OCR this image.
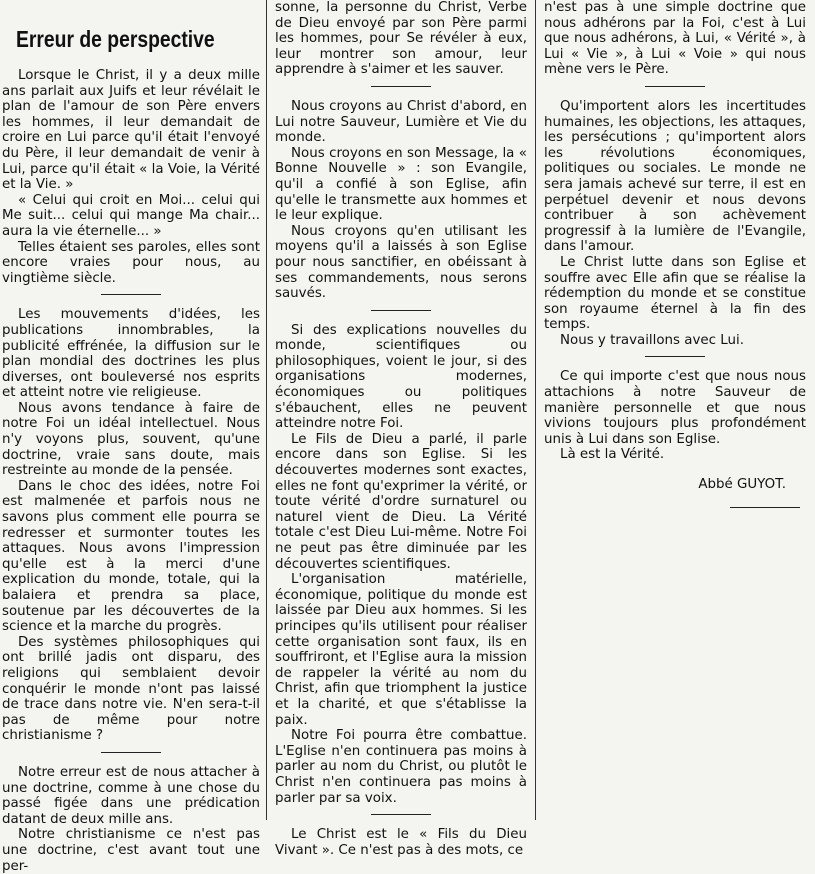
Erreur de perspective

Lorsque le Christ, il y a deux mille ans parlait aux Juifs et leur révélait le plan de l'amour de son Père envers les hommes, il leur demandait de croire en Lui parce qu'il était l'envoyé du Père, il leur demandait de venir à Lui, parce qu'il était « la Voie, la Vérité et la Vie. »

« Celui qui croit en Moi... celui qui Me suit... celui qui mange Ma chair... aura la vie éternelle... »

Telles étaient ses paroles, elles sont encore vraies pour nous, au vingtième siècle.

Les mouvements d'idées, les publications innombrables, la publicité effrénée, la diffusion sur le plan mondial des doctrines les plus diverses, ont bouleversé nos esprits et atteint notre vie religieuse.

Nous avons tendance à faire de notre Foi un idéal intellectuel. Nous n'y voyons plus, souvent, qu'une doctrine, vraie sans doute, mais restreinte au monde de la pensée.

Dans le choc des idées, notre Foi est malmenée et parfois nous ne savons plus comment elle pourra se redresser et surmonter toutes les attaques. Nous avons l'impression qu'elle est à la merci d'une explication du monde, totale, qui la balaiera et prendra sa place, soutenue par les découvertes de la science et la marche du progrès.

Des systèmes philosophiques qui ont brillé jadis ont disparu, des religions qui semblaient devoir conquérir le monde n'ont pas laissé de trace dans notre vie. N'en sera-t-il pas de même pour notre christianisme ?

Notre erreur est de nous attacher à une doctrine, comme à une chose du passé figée dans une prédication datant de deux mille ans.

Notre christianisme ce n'est pas une doctrine, c'est avant tout une per-

sonne, la personne du Christ, Verbe de Dieu envoyé par son Père parmi les hommes, pour Se révéler à eux, leur montrer son amour, leur apprendre à s'aimer et les sauver.

Nous croyons au Christ d'abord, en Lui notre Sauveur, Lumière et Vie du monde.

Nous croyons en son Message, la « Bonne Nouvelle » : son Evangile, qu'il a confié à son Eglise, afin qu'elle le transmette aux hommes et le leur explique.

Nous croyons qu'en utilisant les moyens qu'il a laissés à son Eglise pour nous sanctifier, en obéissant à ses commandements, nous serons sauvés.

Si des explications nouvelles du monde, scientifiques ou philosophiques, voient le jour, si des organisations modernes, économiques ou politiques s'ébauchent, elles ne peuvent atteindre notre Foi.

Le Fils de Dieu a parlé, il parle encore dans son Eglise. Si les découvertes modernes sont exactes, elles ne font qu'exprimer la vérité, or toute vérité d'ordre surnaturel ou naturel vient de Dieu. La Vérité totale c'est Dieu Lui-même. Notre Foi ne peut pas être diminuée par les découvertes scientifiques.

L'organisation matérielle, économique, politique du monde est laissée par Dieu aux hommes. Si les principes qu'ils utilisent pour réaliser cette organisation sont faux, ils en souffriront, et l'Eglise aura la mission de rappeler la vérité au nom du Christ, afin que triomphent la justice et la charité, et que s'établisse la paix.

Notre Foi pourra être combattue. L'Eglise n'en continuera pas moins à parler au nom du Christ, ou plutôt le Christ n'en continuera pas moins à parler par sa voix.

Le Christ est le « Fils du Dieu Vivant ». Ce n'est pas à des mots, ce

n'est pas à une simple doctrine que nous adhérons par la Foi, c'est à Lui que nous adhérons, à Lui, « Vérité », à Lui « Vie », à Lui « Voie » qui nous mène vers le Père.

Qu'importent alors les incertitudes humaines, les objections, les attaques, les persécutions ; qu'importent alors les révolutions économiques, politiques ou sociales. Le monde ne sera jamais achevé sur terre, il est en perpétuel devenir et nous devons contribuer à son achèvement progressif à la lumière de l'Evangile, dans l'amour.

Le Christ lutte dans son Eglise et souffre avec Elle afin que se réalise la rédemption du monde et se constitue son royaume éternel à la fin des temps.

Nous y travaillons avec Lui.

Ce qui importe c'est que nous nous attachions à notre Sauveur de manière personnelle et que nous vivions toujours plus profondément unis à Lui dans son Eglise.

Là est la Vérité.

Abbé GUYOT.
